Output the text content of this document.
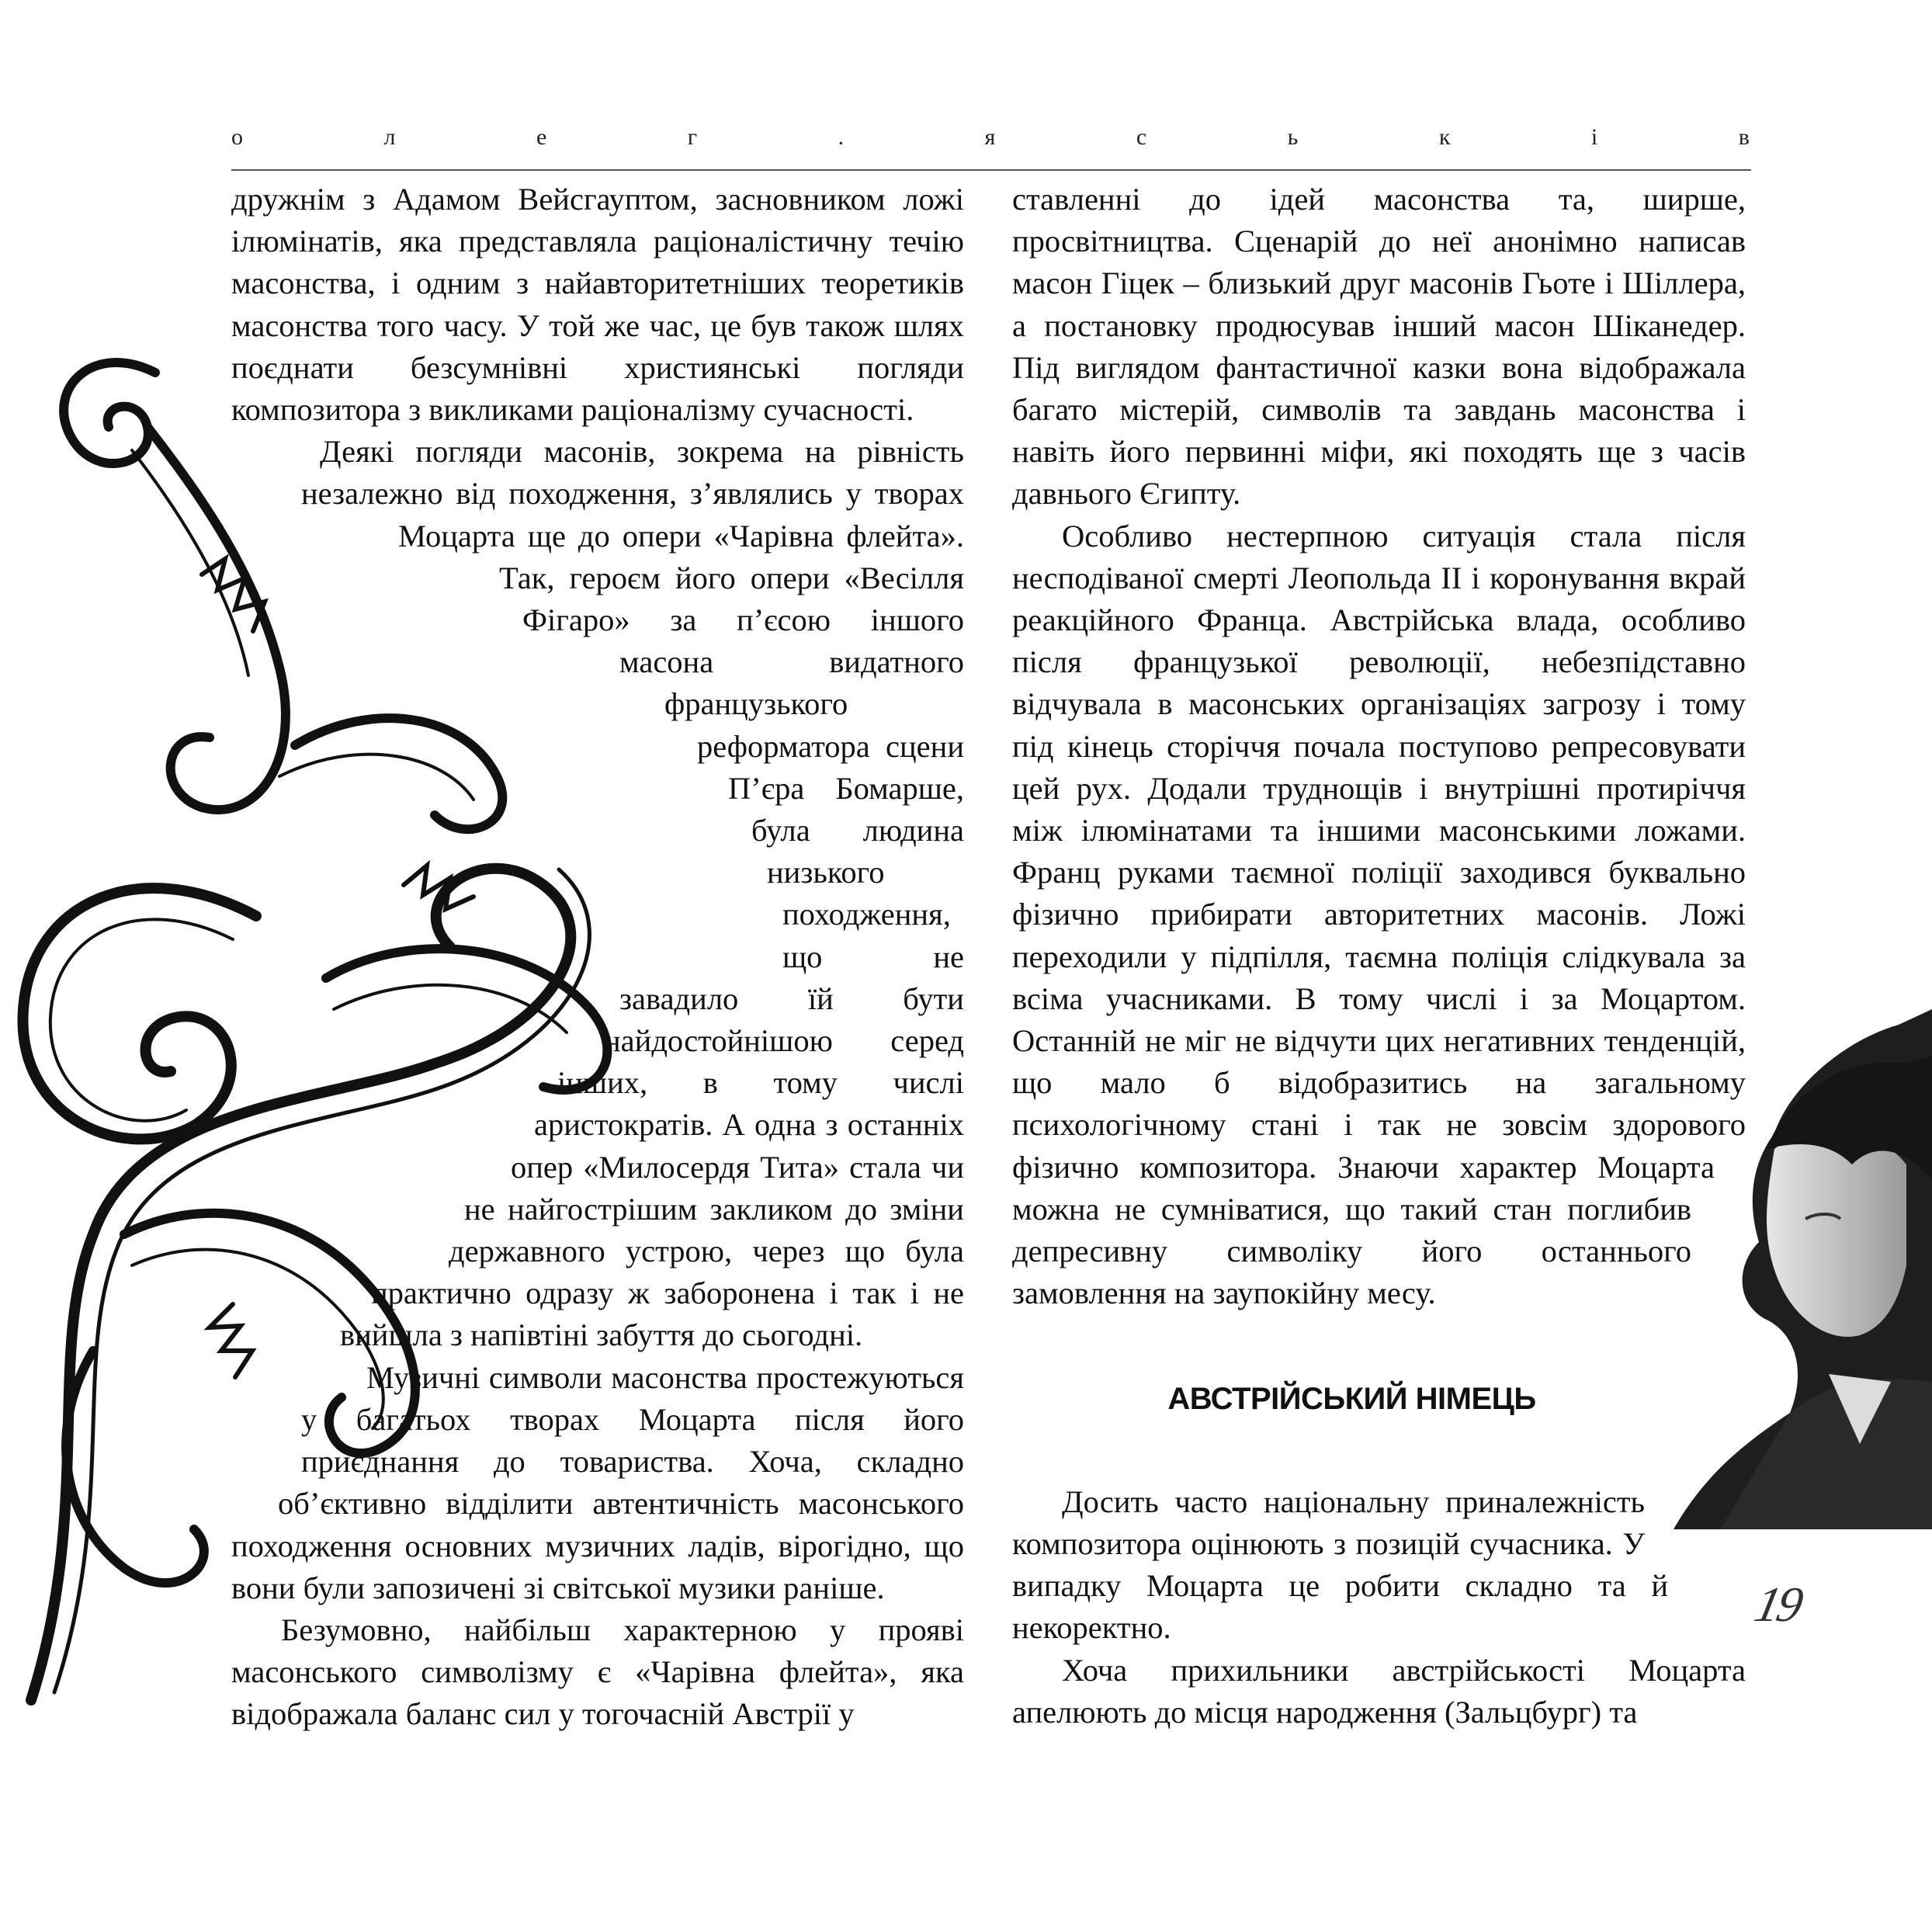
о	л	е	г	.	я	с	ь	к	і	в

дружнім з Адамом Вейсгауптом, засновником ложі ілюмінатів, яка представляла раціоналістичну течію масонства, і одним з найавторитетніших теоретиків масонства того часу. У той же час, це був також шлях поєднати безсумнівні християнські погляди композитора з викликами раціоналізму сучасності.

Деякі погляди масонів, зокрема на рівність незалежно від походження, з’являлись у творах Моцарта ще до опери «Чарівна флейта». Так, героєм його опери «Весілля Фігаро» за п’єсою іншого масона видатного французького реформатора сцени П’єра Бомарше, була людина низького походження, що не завадило їй бути найдостойнішою серед інших, в тому числі аристократів. А одна з останніх опер «Милосердя Тита» стала чи не найгострішим закликом до зміни державного устрою, через що була практично одразу ж заборонена і так і не вийшла з напівтіні забуття до сьогодні.

Музичні символи масонства простежуються у багатьох творах Моцарта після його приєднання до товариства. Хоча, складно об’єктивно відділити автентичність масонського походження основних музичних ладів, вірогідно, що вони були запозичені зі світської музики раніше.

Безумовно, найбільш характерною у прояві масонського символізму є «Чарівна флейта», яка відображала баланс сил у тогочасній Австрії у

ставленні до ідей масонства та, ширше, просвітництва. Сценарій до неї анонімно написав масон Гіцек – близький друг масонів Гьоте і Шіллера, а постановку продюсував інший масон Шіканедер. Під виглядом фантастичної казки вона відображала багато містерій, символів та завдань масонства і навіть його первинні міфи, які походять ще з часів давнього Єгипту.

Особливо нестерпною ситуація стала після несподіваної смерті Леопольда II і коронування вкрай реакційного Франца. Австрійська влада, особливо після французької революції, небезпідставно відчувала в масонських організаціях загрозу і тому під кінець сторіччя почала поступово репресовувати цей рух. Додали труднощів і внутрішні протиріччя між ілюмінатами та іншими масонськими ложами. Франц руками таємної поліції заходився буквально фізично прибирати авторитетних масонів. Ложі переходили у підпілля, таємна поліція слідкувала за всіма учасниками. В тому числі і за Моцартом. Останній не міг не відчути цих негативних тенденцій, що мало б відобразитись на загальному психологічному стані і так не зовсім здорового фізично композитора. Знаючи характер Моцарта можна не сумніватися, що такий стан поглибив депресивну символіку його останнього замовлення на заупокійну месу.

АВСТРІЙСЬКИЙ НІМЕЦЬ

Досить часто національну приналежність композитора оцінюють з позицій сучасника. У випадку Моцарта це робити складно та й некоректно.

Хоча прихильники австрійськості Моцарта апелюють до місця народження (Зальцбург) та

19
